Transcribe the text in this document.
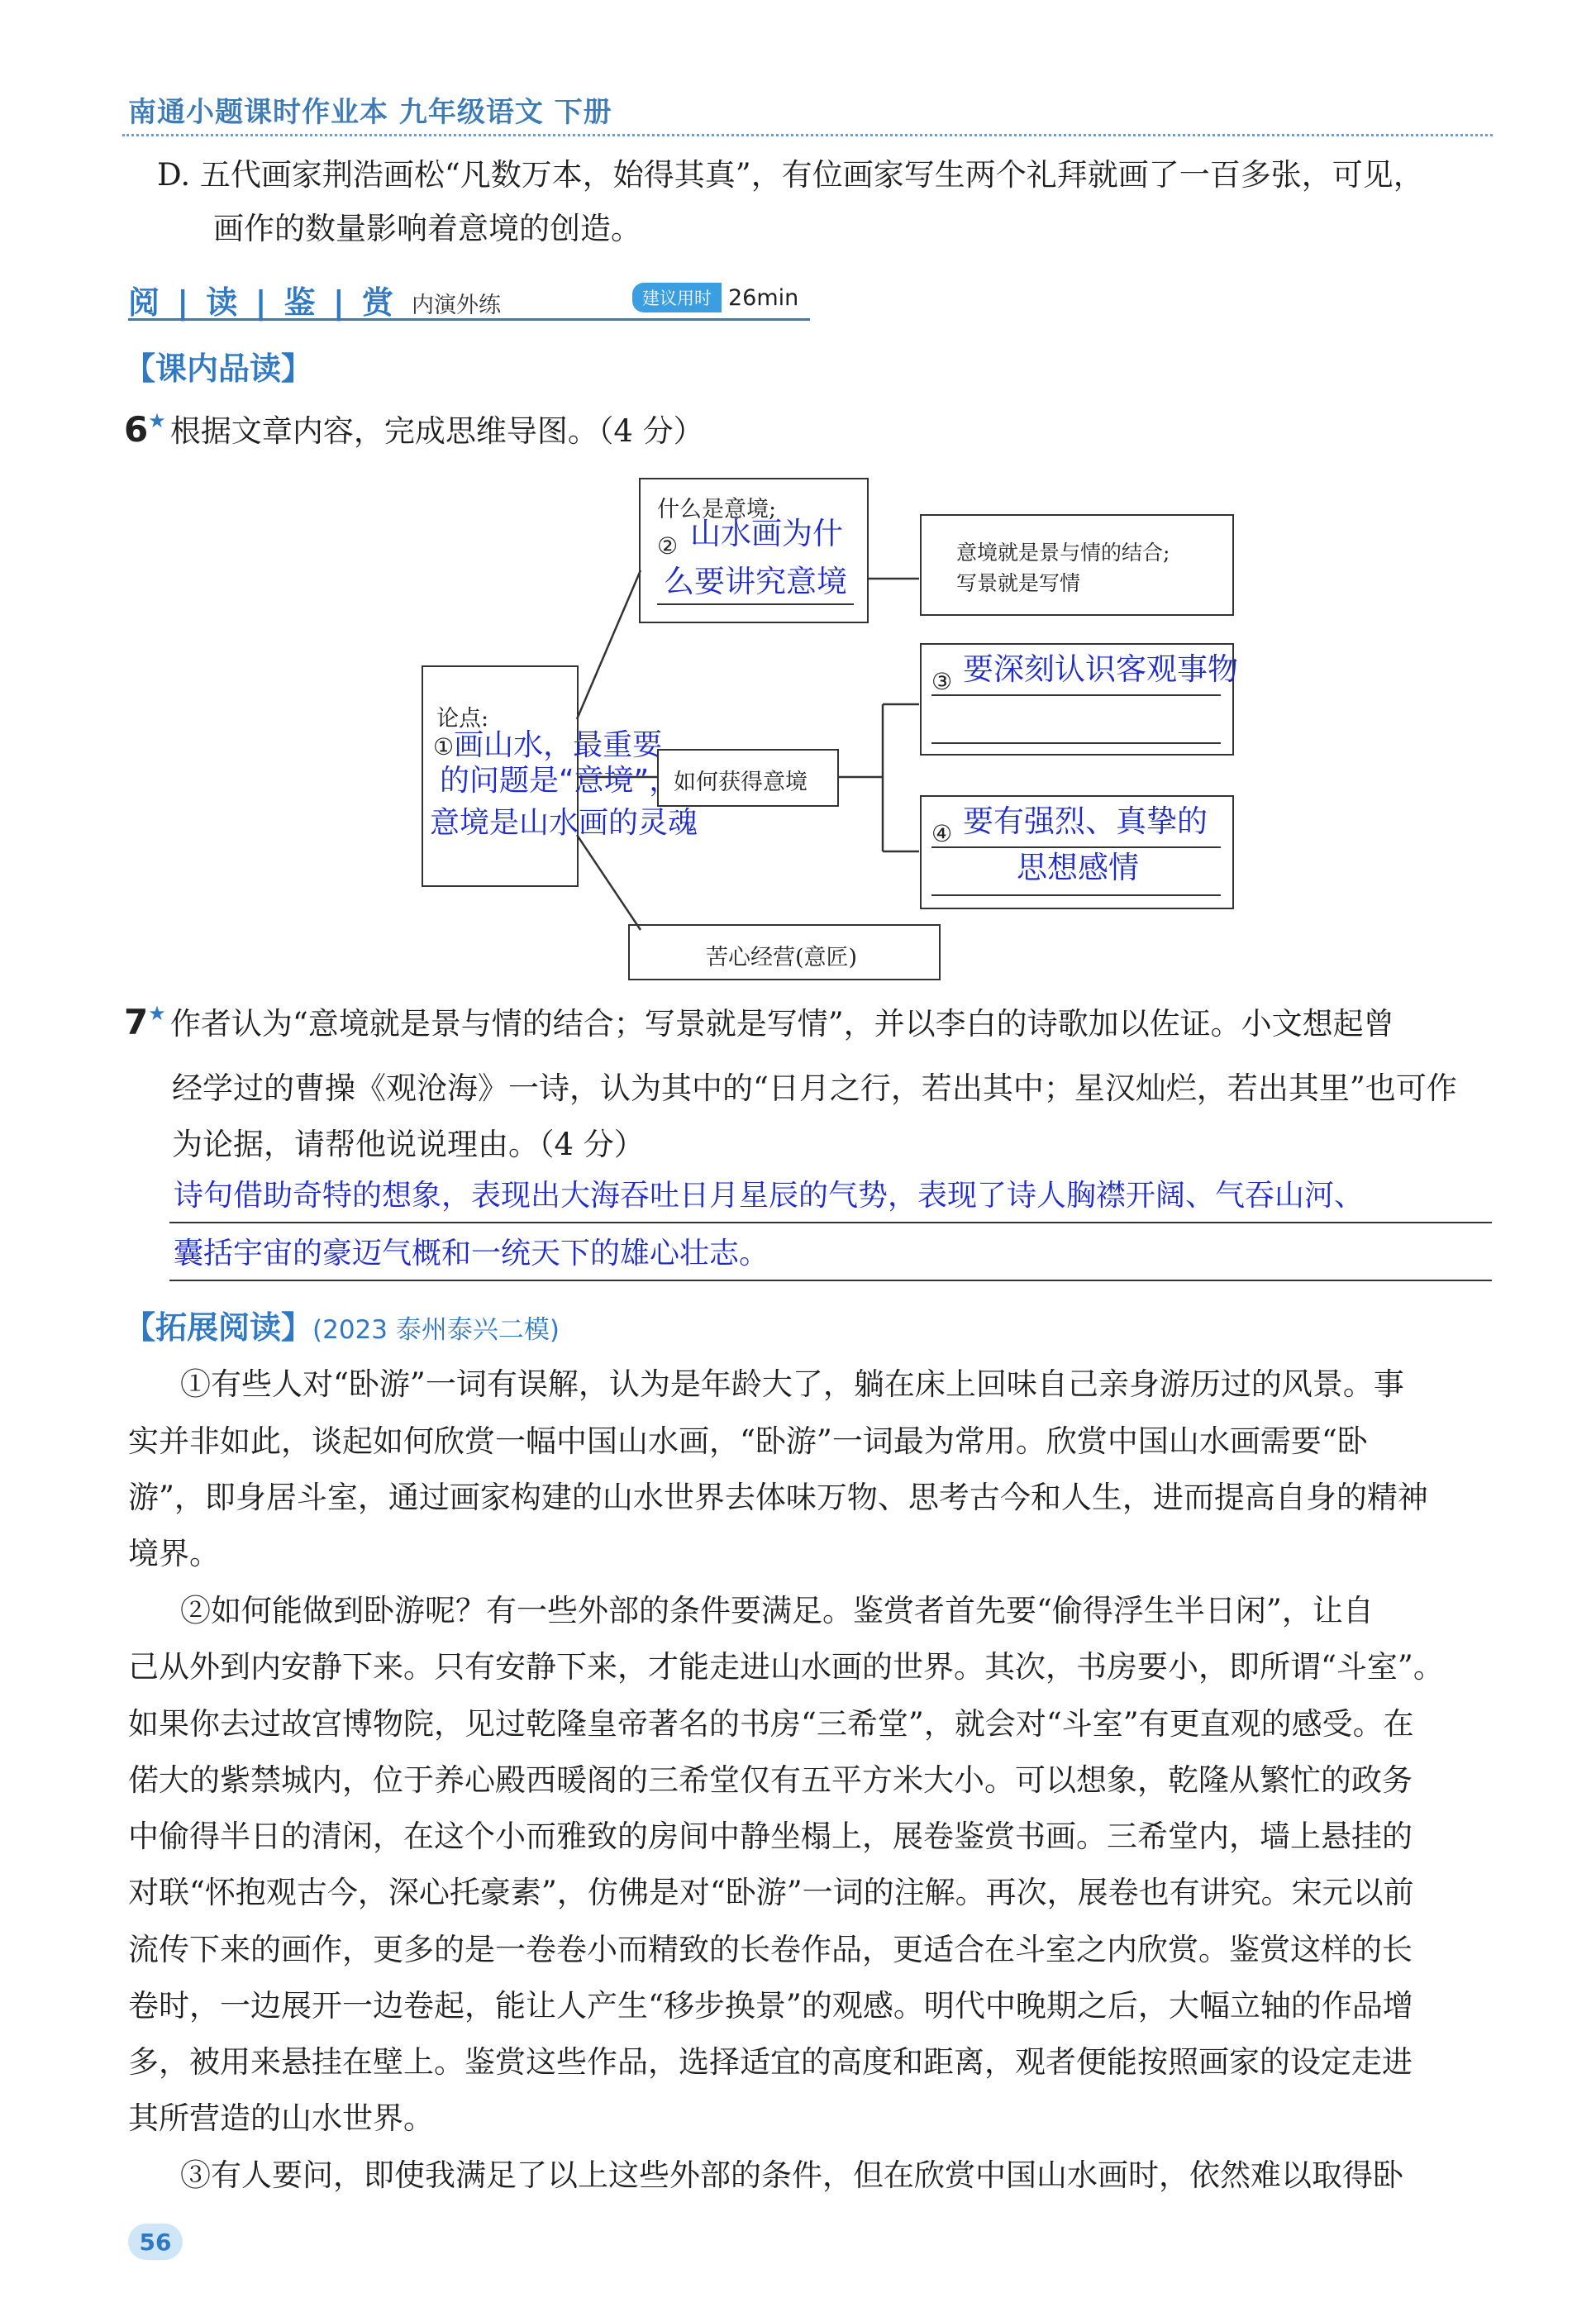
南通小题课时作业本 九年级语文 下册
D. 五代画家荆浩画松“凡数万本，始得其真”，有位画家写生两个礼拜就画了一百多张，可见，
画作的数量影响着意境的创造。
阅 | 读 | 鉴 | 赏 内演外练	建议用时 26min
【课内品读】
6★ 根据文章内容，完成思维导图。（4 分）
论点:
①画山水，最重要
的问题是“意境”，
意境是山水画的灵魂
什么是意境;
② 山水画为什
么要讲究意境
意境就是景与情的结合;
写景就是写情
如何获得意境
③ 要深刻认识客观事物
④ 要有强烈、真挚的
思想感情
苦心经营(意匠)
7★ 作者认为“意境就是景与情的结合；写景就是写情”，并以李白的诗歌加以佐证。小文想起曾
经学过的曹操《观沧海》一诗，认为其中的“日月之行，若出其中；星汉灿烂，若出其里”也可作
为论据，请帮他说说理由。（4 分）
诗句借助奇特的想象，表现出大海吞吐日月星辰的气势，表现了诗人胸襟开阔、气吞山河、
囊括宇宙的豪迈气概和一统天下的雄心壮志。
【拓展阅读】(2023 泰州泰兴二模)
①有些人对“卧游”一词有误解，认为是年龄大了，躺在床上回味自己亲身游历过的风景。事
实并非如此，谈起如何欣赏一幅中国山水画，“卧游”一词最为常用。欣赏中国山水画需要“卧
游”，即身居斗室，通过画家构建的山水世界去体味万物、思考古今和人生，进而提高自身的精神
境界。
②如何能做到卧游呢？有一些外部的条件要满足。鉴赏者首先要“偷得浮生半日闲”，让自
己从外到内安静下来。只有安静下来，才能走进山水画的世界。其次，书房要小，即所谓“斗室”。
如果你去过故宫博物院，见过乾隆皇帝著名的书房“三希堂”，就会对“斗室”有更直观的感受。在
偌大的紫禁城内，位于养心殿西暖阁的三希堂仅有五平方米大小。可以想象，乾隆从繁忙的政务
中偷得半日的清闲，在这个小而雅致的房间中静坐榻上，展卷鉴赏书画。三希堂内，墙上悬挂的
对联“怀抱观古今，深心托豪素”，仿佛是对“卧游”一词的注解。再次，展卷也有讲究。宋元以前
流传下来的画作，更多的是一卷卷小而精致的长卷作品，更适合在斗室之内欣赏。鉴赏这样的长
卷时，一边展开一边卷起，能让人产生“移步换景”的观感。明代中晚期之后，大幅立轴的作品增
多，被用来悬挂在壁上。鉴赏这些作品，选择适宜的高度和距离，观者便能按照画家的设定走进
其所营造的山水世界。
③有人要问，即使我满足了以上这些外部的条件，但在欣赏中国山水画时，依然难以取得卧
56
